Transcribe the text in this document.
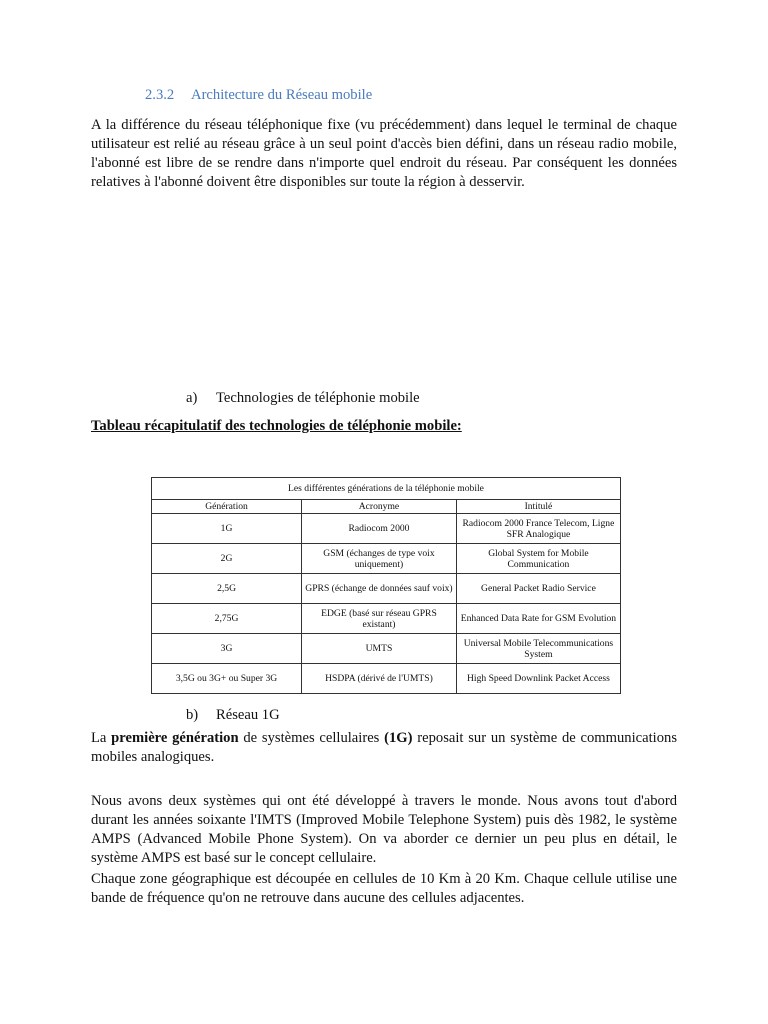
2.3.2 Architecture du Réseau mobile

A la différence du réseau téléphonique fixe (vu précédemment) dans lequel le terminal de chaque utilisateur est relié au réseau grâce à un seul point d'accès bien défini, dans un réseau radio mobile, l'abonné est libre de se rendre dans n'importe quel endroit du réseau. Par conséquent les données relatives à l'abonné doivent être disponibles sur toute la région à desservir.

a) Technologies de téléphonie mobile
Tableau récapitulatif des technologies de téléphonie mobile:
Les différentes générations de la téléphonie mobile		
Génération	Acronyme	Intitulé
1G	Radiocom 2000	Radiocom 2000 France Telecom, Ligne SFR Analogique
2G	GSM (échanges de type voix uniquement)	Global System for Mobile Communication
2,5G	GPRS (échange de données sauf voix)	General Packet Radio Service
2,75G	EDGE (basé sur réseau GPRS existant)	Enhanced Data Rate for GSM Evolution
3G	UMTS	Universal Mobile Telecommunications System
3,5G ou 3G+ ou Super 3G	HSDPA (dérivé de l'UMTS)	High Speed Downlink Packet Access
b) Réseau 1G

La première génération de systèmes cellulaires (1G) reposait sur un système de communications mobiles analogiques.

Nous avons deux systèmes qui ont été développé à travers le monde. Nous avons tout d'abord durant les années soixante l'IMTS (Improved Mobile Telephone System) puis dès 1982, le système AMPS (Advanced Mobile Phone System). On va aborder ce dernier un peu plus en détail, le système AMPS est basé sur le concept cellulaire.

Chaque zone géographique est découpée en cellules de 10 Km à 20 Km. Chaque cellule utilise une bande de fréquence qu'on ne retrouve dans aucune des cellules adjacentes.
